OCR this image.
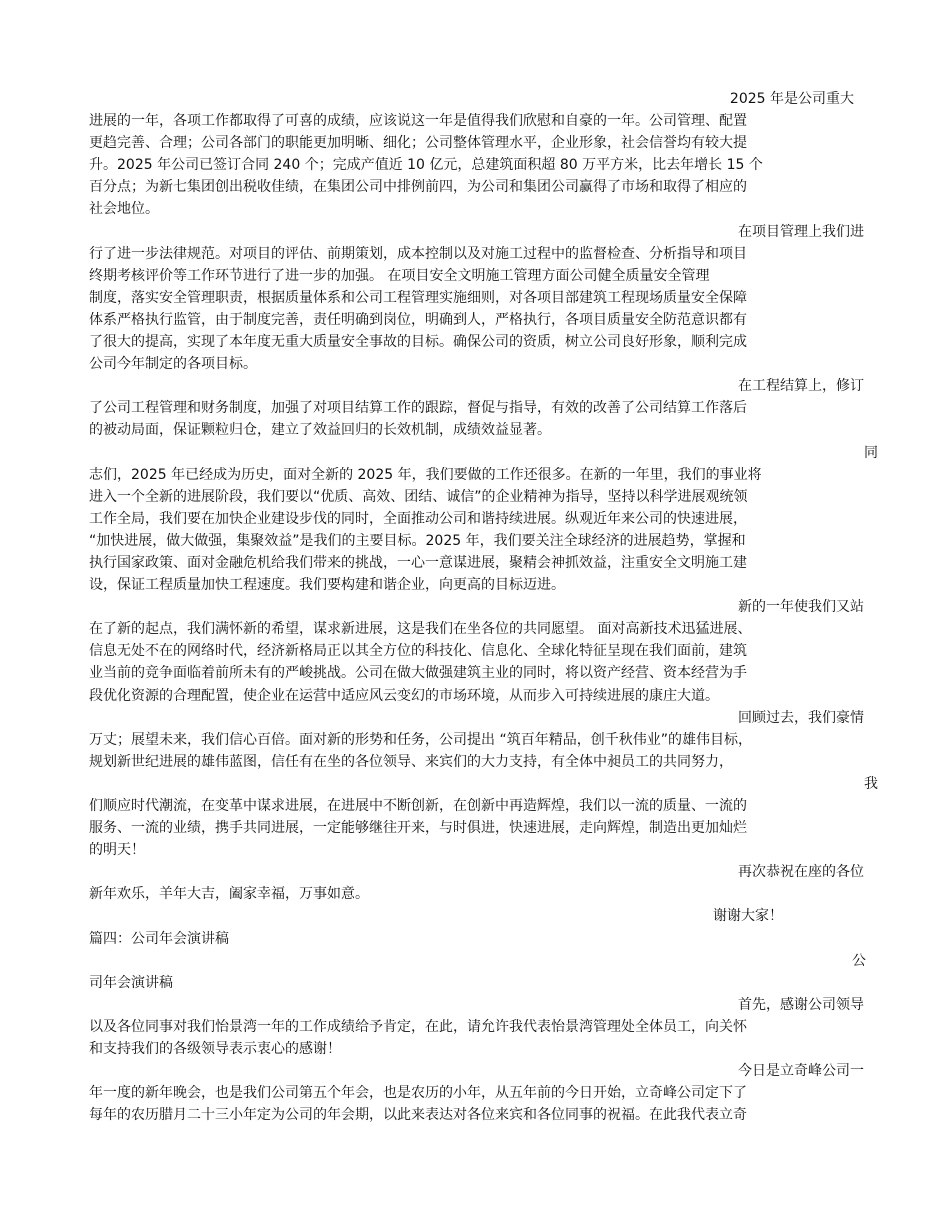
2025 年是公司重大
进展的一年，各项工作都取得了可喜的成绩，应该说这一年是值得我们欣慰和自豪的一年。公司管理、配置
更趋完善、合理；公司各部门的职能更加明晰、细化；公司整体管理水平，企业形象，社会信誉均有较大提
升。2025 年公司已签订合同 240 个；完成产值近 10 亿元，总建筑面积超 80 万平方米，比去年增长 15 个
百分点；为新七集团创出税收佳绩，在集团公司中排例前四，为公司和集团公司赢得了市场和取得了相应的
社会地位。
在项目管理上我们进
行了进一步法律规范。对项目的评估、前期策划，成本控制以及对施工过程中的监督检查、分析指导和项目
终期考核评价等工作环节进行了进一步的加强。 在项目安全文明施工管理方面公司健全质量安全管理
制度，落实安全管理职责，根据质量体系和公司工程管理实施细则，对各项目部建筑工程现场质量安全保障
体系严格执行监管，由于制度完善，责任明确到岗位，明确到人，严格执行，各项目质量安全防范意识都有
了很大的提高，实现了本年度无重大质量安全事故的目标。确保公司的资质，树立公司良好形象，顺利完成
公司今年制定的各项目标。
在工程结算上，修订
了公司工程管理和财务制度，加强了对项目结算工作的跟踪，督促与指导，有效的改善了公司结算工作落后
的被动局面，保证颗粒归仓，建立了效益回归的长效机制，成绩效益显著。
同
志们，2025 年已经成为历史，面对全新的 2025 年，我们要做的工作还很多。在新的一年里，我们的事业将
进入一个全新的进展阶段，我们要以“优质、高效、团结、诚信”的企业精神为指导，坚持以科学进展观统领
工作全局，我们要在加快企业建设步伐的同时，全面推动公司和谐持续进展。纵观近年来公司的快速进展，
“加快进展，做大做强，集聚效益”是我们的主要目标。2025 年，我们要关注全球经济的进展趋势，掌握和
执行国家政策、面对金融危机给我们带来的挑战，一心一意谋进展，聚精会神抓效益，注重安全文明施工建
设，保证工程质量加快工程速度。我们要构建和谐企业，向更高的目标迈进。
新的一年使我们又站
在了新的起点，我们满怀新的希望，谋求新进展，这是我们在坐各位的共同愿望。 面对高新技术迅猛进展、
信息无处不在的网络时代，经济新格局正以其全方位的科技化、信息化、全球化特征呈现在我们面前，建筑
业当前的竞争面临着前所未有的严峻挑战。公司在做大做强建筑主业的同时，将以资产经营、资本经营为手
段优化资源的合理配置，使企业在运营中适应风云变幻的市场环境，从而步入可持续进展的康庄大道。
回顾过去，我们豪情
万丈；展望未来，我们信心百倍。面对新的形势和任务，公司提出 “筑百年精品，创千秋伟业”的雄伟目标，
规划新世纪进展的雄伟蓝图，信任有在坐的各位领导、来宾们的大力支持，有全体中昶员工的共同努力，
我
们顺应时代潮流，在变革中谋求进展，在进展中不断创新，在创新中再造辉煌，我们以一流的质量、一流的
服务、一流的业绩，携手共同进展，一定能够继往开来，与时俱进，快速进展，走向辉煌，制造出更加灿烂
的明天！
再次恭祝在座的各位
新年欢乐，羊年大吉，阖家幸福，万事如意。
谢谢大家！
篇四：公司年会演讲稿
公
司年会演讲稿
首先，感谢公司领导
以及各位同事对我们怡景湾一年的工作成绩给予肯定，在此，请允许我代表怡景湾管理处全体员工，向关怀
和支持我们的各级领导表示衷心的感谢！
今日是立奇峰公司一
年一度的新年晚会，也是我们公司第五个年会，也是农历的小年，从五年前的今日开始，立奇峰公司定下了
每年的农历腊月二十三小年定为公司的年会期，以此来表达对各位来宾和各位同事的祝福。在此我代表立奇
